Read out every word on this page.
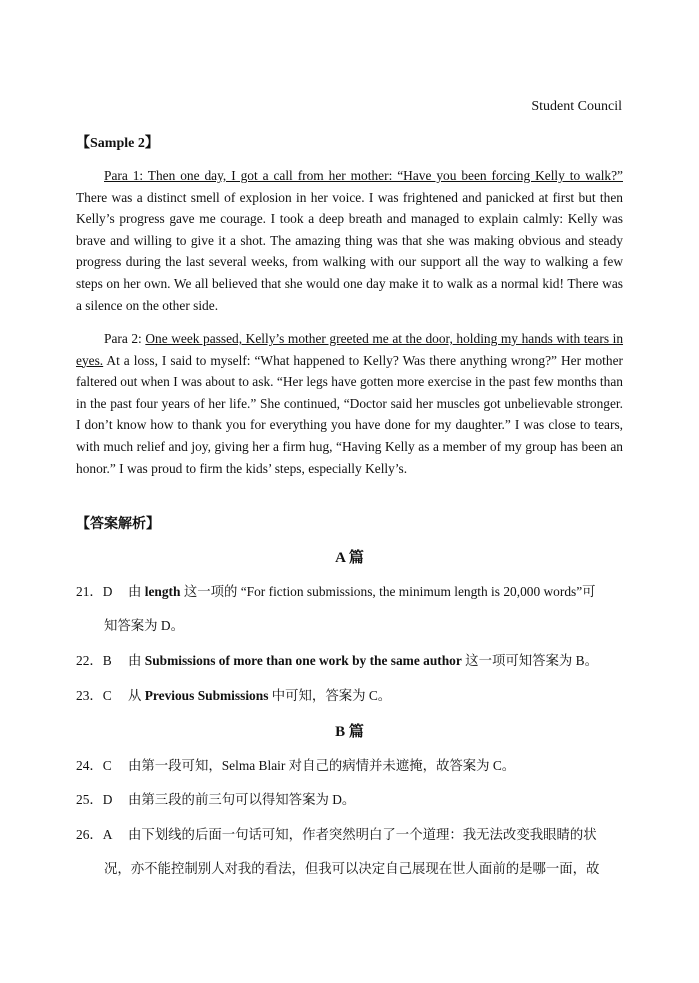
Student Council
【Sample 2】
Para 1: Then one day, I got a call from her mother: “Have you been forcing Kelly to walk?” There was a distinct smell of explosion in her voice. I was frightened and panicked at first but then Kelly’s progress gave me courage. I took a deep breath and managed to explain calmly: Kelly was brave and willing to give it a shot. The amazing thing was that she was making obvious and steady progress during the last several weeks, from walking with our support all the way to walking a few steps on her own. We all believed that she would one day make it to walk as a normal kid! There was a silence on the other side.
Para 2: One week passed, Kelly’s mother greeted me at the door, holding my hands with tears in eyes. At a loss, I said to myself: “What happened to Kelly? Was there anything wrong?” Her mother faltered out when I was about to ask. “Her legs have gotten more exercise in the past few months than in the past four years of her life.” She continued, “Doctor said her muscles got unbelievable stronger. I don’t know how to thank you for everything you have done for my daughter.” I was close to tears, with much relief and joy, giving her a firm hug, “Having Kelly as a member of my group has been an honor.” I was proud to firm the kids’ steps, especially Kelly’s.
【答案解析】
A 篇
21．D 由 length 这一项的 “For fiction submissions, the minimum length is 20,000 words”可
知答案为 D。
22．B 由 Submissions of more than one work by the same author 这一项可知答案为 B。
23．C 从 Previous Submissions 中可知，答案为 C。
B 篇
24．C 由第一段可知，Selma Blair 对自己的病情并未遮掩，故答案为 C。
25．D 由第三段的前三句可以得知答案为 D。
26．A 由下划线的后面一句话可知，作者突然明白了一个道理：我无法改变我眼睛的状
况，亦不能控制别人对我的看法，但我可以决定自己展现在世人面前的是哪一面，故
